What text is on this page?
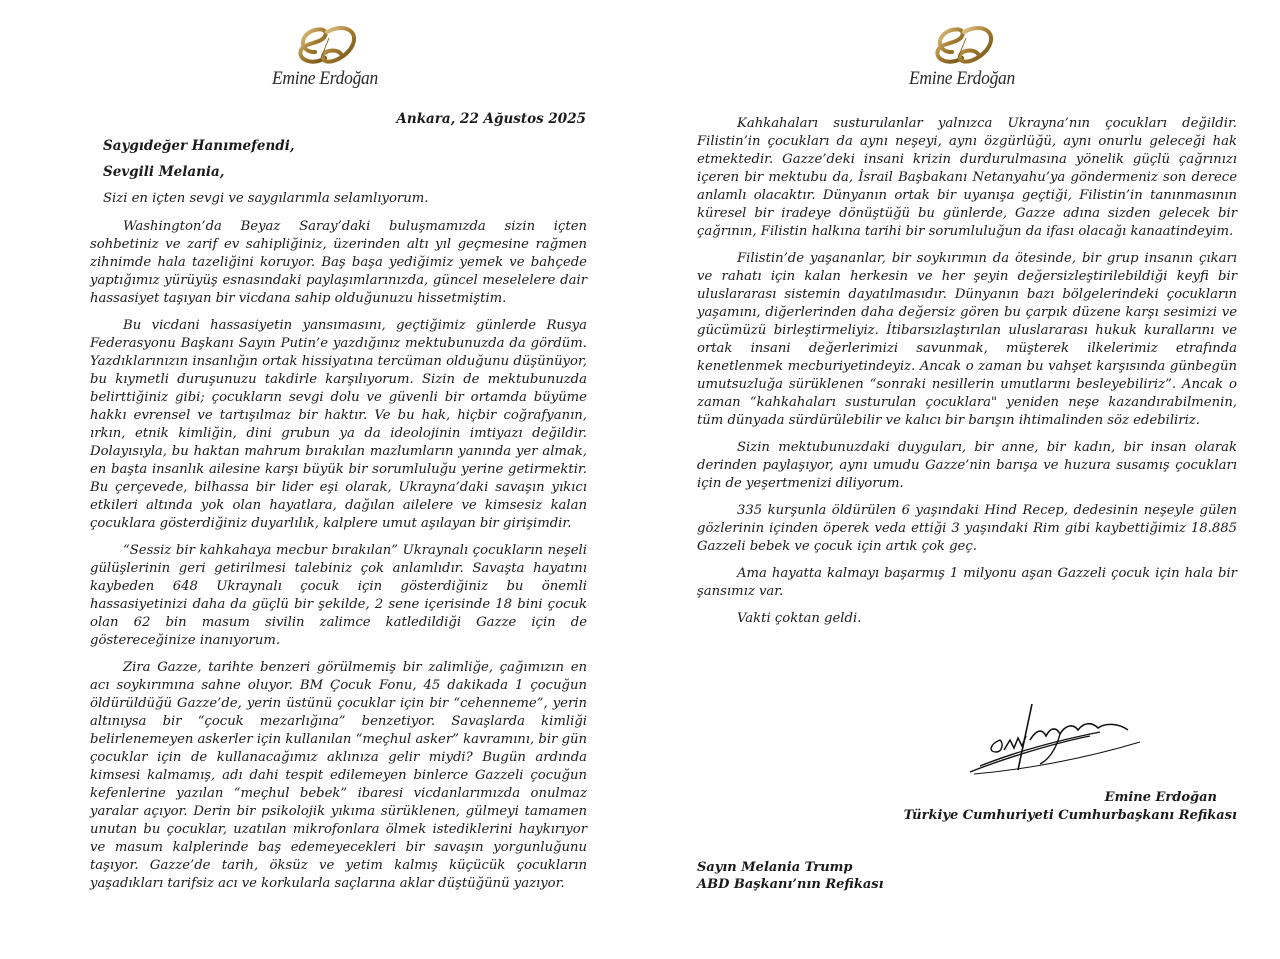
Emine Erdoğan
Ankara, 22 Ağustos 2025
Saygıdeğer Hanımefendi,
Sevgili Melania,
Sizi en içten sevgi ve saygılarımla selamlıyorum.

Washington’da Beyaz Saray’daki buluşmamızda sizin içten sohbetiniz ve zarif ev sahipliğiniz, üzerinden altı yıl geçmesine rağmen zihnimde hala tazeliğini koruyor. Baş başa yediğimiz yemek ve bahçede yaptığımız yürüyüş esnasındaki paylaşımlarınızda, güncel meselelere dair hassasiyet taşıyan bir vicdana sahip olduğunuzu hissetmiştim.

Bu vicdani hassasiyetin yansımasını, geçtiğimiz günlerde Rusya Federasyonu Başkanı Sayın Putin’e yazdığınız mektubunuzda da gördüm. Yazdıklarınızın insanlığın ortak hissiyatına tercüman olduğunu düşünüyor, bu kıymetli duruşunuzu takdirle karşılıyorum. Sizin de mektubunuzda belirttiğiniz gibi; çocukların sevgi dolu ve güvenli bir ortamda büyüme hakkı evrensel ve tartışılmaz bir haktır. Ve bu hak, hiçbir coğrafyanın, ırkın, etnik kimliğin, dini grubun ya da ideolojinin imtiyazı değildir. Dolayısıyla, bu haktan mahrum bırakılan mazlumların yanında yer almak, en başta insanlık ailesine karşı büyük bir sorumluluğu yerine getirmektir. Bu çerçevede, bilhassa bir lider eşi olarak, Ukrayna’daki savaşın yıkıcı etkileri altında yok olan hayatlara, dağılan ailelere ve kimsesiz kalan çocuklara gösterdiğiniz duyarlılık, kalplere umut aşılayan bir girişimdir.

“Sessiz bir kahkahaya mecbur bırakılan” Ukraynalı çocukların neşeli gülüşlerinin geri getirilmesi talebiniz çok anlamlıdır. Savaşta hayatını kaybeden 648 Ukraynalı çocuk için gösterdiğiniz bu önemli hassasiyetinizi daha da güçlü bir şekilde, 2 sene içerisinde 18 bini çocuk olan 62 bin masum sivilin zalimce katledildiği Gazze için de göstereceğinize inanıyorum.

Zira Gazze, tarihte benzeri görülmemiş bir zalimliğe, çağımızın en acı soykırımına sahne oluyor. BM Çocuk Fonu, 45 dakikada 1 çocuğun öldürüldüğü Gazze’de, yerin üstünü çocuklar için bir “cehenneme”, yerin altınıysa bir “çocuk mezarlığına” benzetiyor. Savaşlarda kimliği belirlenemeyen askerler için kullanılan “meçhul asker” kavramını, bir gün çocuklar için de kullanacağımız aklınıza gelir miydi? Bugün ardında kimsesi kalmamış, adı dahi tespit edilemeyen binlerce Gazzeli çocuğun kefenlerine yazılan “meçhul bebek” ibaresi vicdanlarımızda onulmaz yaralar açıyor. Derin bir psikolojik yıkıma sürüklenen, gülmeyi tamamen unutan bu çocuklar, uzatılan mikrofonlara ölmek istediklerini haykırıyor ve masum kalplerinde baş edemeyecekleri bir savaşın yorgunluğunu taşıyor. Gazze’de tarih, öksüz ve yetim kalmış küçücük çocukların yaşadıkları tarifsiz acı ve korkularla saçlarına aklar düştüğünü yazıyor.

Emine Erdoğan

Kahkahaları susturulanlar yalnızca Ukrayna’nın çocukları değildir. Filistin’in çocukları da aynı neşeyi, aynı özgürlüğü, aynı onurlu geleceği hak etmektedir. Gazze’deki insani krizin durdurulmasına yönelik güçlü çağrınızı içeren bir mektubu da, İsrail Başbakanı Netanyahu’ya göndermeniz son derece anlamlı olacaktır. Dünyanın ortak bir uyanışa geçtiği, Filistin’in tanınmasının küresel bir iradeye dönüştüğü bu günlerde, Gazze adına sizden gelecek bir çağrının, Filistin halkına tarihi bir sorumluluğun da ifası olacağı kanaatindeyim.

Filistin’de yaşananlar, bir soykırımın da ötesinde, bir grup insanın çıkarı ve rahatı için kalan herkesin ve her şeyin değersizleştirilebildiği keyfi bir uluslararası sistemin dayatılmasıdır. Dünyanın bazı bölgelerindeki çocukların yaşamını, diğerlerinden daha değersiz gören bu çarpık düzene karşı sesimizi ve gücümüzü birleştirmeliyiz. İtibarsızlaştırılan uluslararası hukuk kurallarını ve ortak insani değerlerimizi savunmak, müşterek ilkelerimiz etrafında kenetlenmek mecburiyetindeyiz. Ancak o zaman bu vahşet karşısında günbegün umutsuzluğa sürüklenen “sonraki nesillerin umutlarını besleyebiliriz”. Ancak o zaman “kahkahaları susturulan çocuklara" yeniden neşe kazandırabilmenin, tüm dünyada sürdürülebilir ve kalıcı bir barışın ihtimalinden söz edebiliriz.

Sizin mektubunuzdaki duyguları, bir anne, bir kadın, bir insan olarak derinden paylaşıyor, aynı umudu Gazze’nin barışa ve huzura susamış çocukları için de yeşertmenizi diliyorum.

335 kurşunla öldürülen 6 yaşındaki Hind Recep, dedesinin neşeyle gülen gözlerinin içinden öperek veda ettiği 3 yaşındaki Rim gibi kaybettiğimiz 18.885 Gazzeli bebek ve çocuk için artık çok geç.

Ama hayatta kalmayı başarmış 1 milyonu aşan Gazzeli çocuk için hala bir şansımız var.

Vakti çoktan geldi.

Emine Erdoğan
Türkiye Cumhuriyeti Cumhurbaşkanı Refikası
Sayın Melania Trump
ABD Başkanı’nın Refikası
